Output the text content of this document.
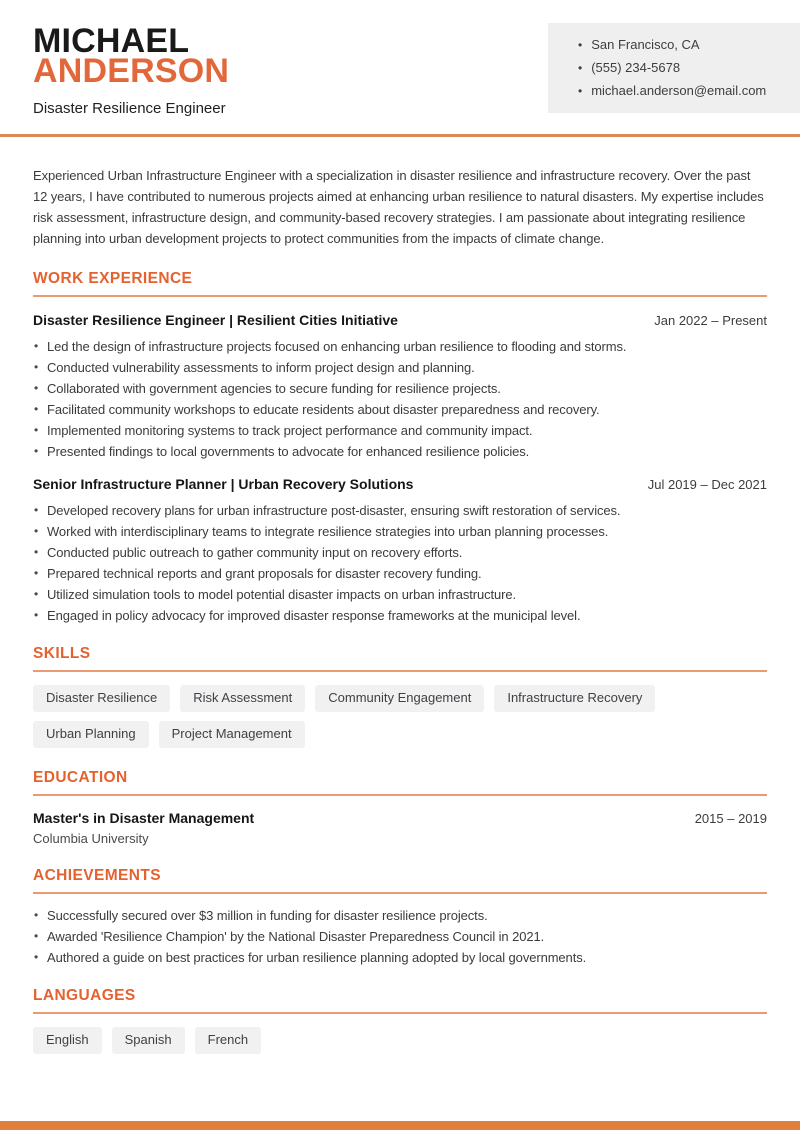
MICHAEL
ANDERSON
Disaster Resilience Engineer
• San Francisco, CA
• (555) 234-5678
• michael.anderson@email.com

Experienced Urban Infrastructure Engineer with a specialization in disaster resilience and infrastructure recovery. Over the past 12 years, I have contributed to numerous projects aimed at enhancing urban resilience to natural disasters. My expertise includes risk assessment, infrastructure design, and community-based recovery strategies. I am passionate about integrating resilience planning into urban development projects to protect communities from the impacts of climate change.

WORK EXPERIENCE
Disaster Resilience Engineer | Resilient Cities Initiative	Jan 2022 – Present
• Led the design of infrastructure projects focused on enhancing urban resilience to flooding and storms.
• Conducted vulnerability assessments to inform project design and planning.
• Collaborated with government agencies to secure funding for resilience projects.
• Facilitated community workshops to educate residents about disaster preparedness and recovery.
• Implemented monitoring systems to track project performance and community impact.
• Presented findings to local governments to advocate for enhanced resilience policies.
Senior Infrastructure Planner | Urban Recovery Solutions	Jul 2019 – Dec 2021
• Developed recovery plans for urban infrastructure post-disaster, ensuring swift restoration of services.
• Worked with interdisciplinary teams to integrate resilience strategies into urban planning processes.
• Conducted public outreach to gather community input on recovery efforts.
• Prepared technical reports and grant proposals for disaster recovery funding.
• Utilized simulation tools to model potential disaster impacts on urban infrastructure.
• Engaged in policy advocacy for improved disaster response frameworks at the municipal level.
SKILLS
Disaster Resilience	Risk Assessment	Community Engagement	Infrastructure Recovery
Urban Planning	Project Management
EDUCATION
Master's in Disaster Management	2015 – 2019
Columbia University
ACHIEVEMENTS
• Successfully secured over $3 million in funding for disaster resilience projects.
• Awarded 'Resilience Champion' by the National Disaster Preparedness Council in 2021.
• Authored a guide on best practices for urban resilience planning adopted by local governments.
LANGUAGES
English	Spanish	French
